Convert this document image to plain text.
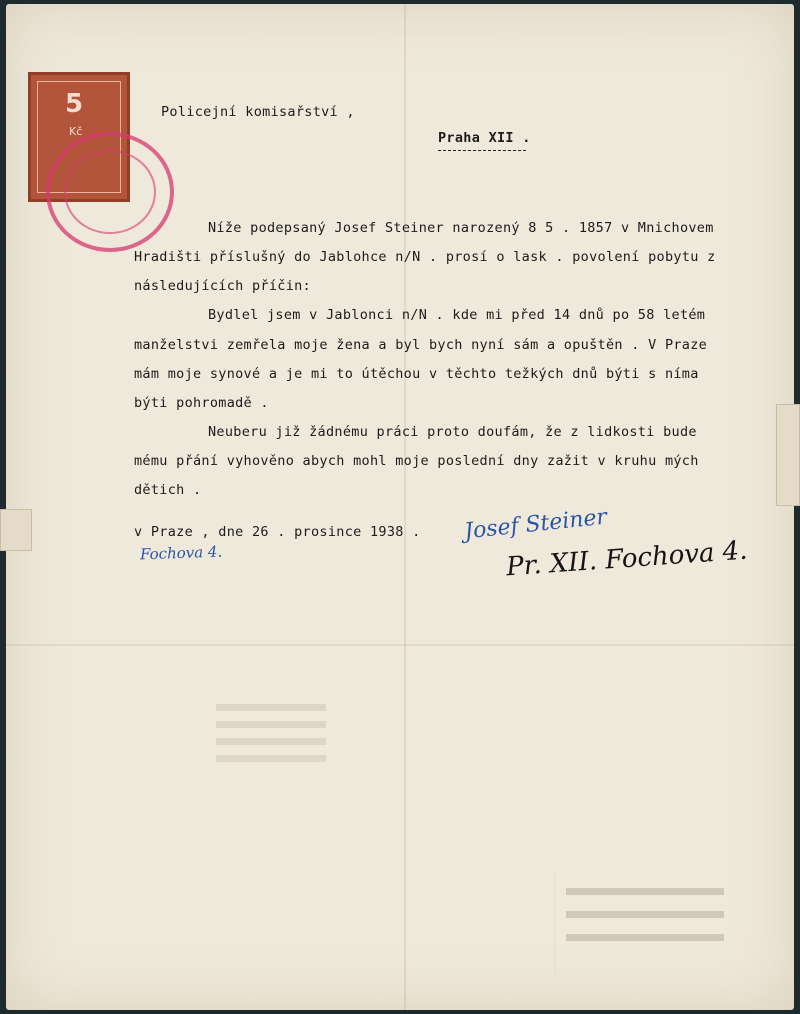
5
Kč
Policejní komisařství ,
Praha XII .
Níže podepsaný Josef Steiner narozený 8 5 . 1857 v Mnichovem
Hradišti příslušný do Jablohce n/N . prosí o lask . povolení pobytu z
následujících příčin:
Bydlel jsem v Jablonci n/N . kde mi před 14 dnů po 58 letém
manželstvi zemřela moje žena a byl bych nyní sám a opuštěn . V Praze
mám moje synové a je mi to útěchou v těchto težkých dnů býti s níma
býti pohromadě .
Neuberu již žádnému práci proto doufám, že z lidkosti bude
mému přání vyhověno abych mohl moje poslední dny zažit v kruhu mých
dětich .
v Praze , dne 26 . prosince 1938 .
Fochova 4.
Josef Steiner
Pr. XII. Fochova 4.
